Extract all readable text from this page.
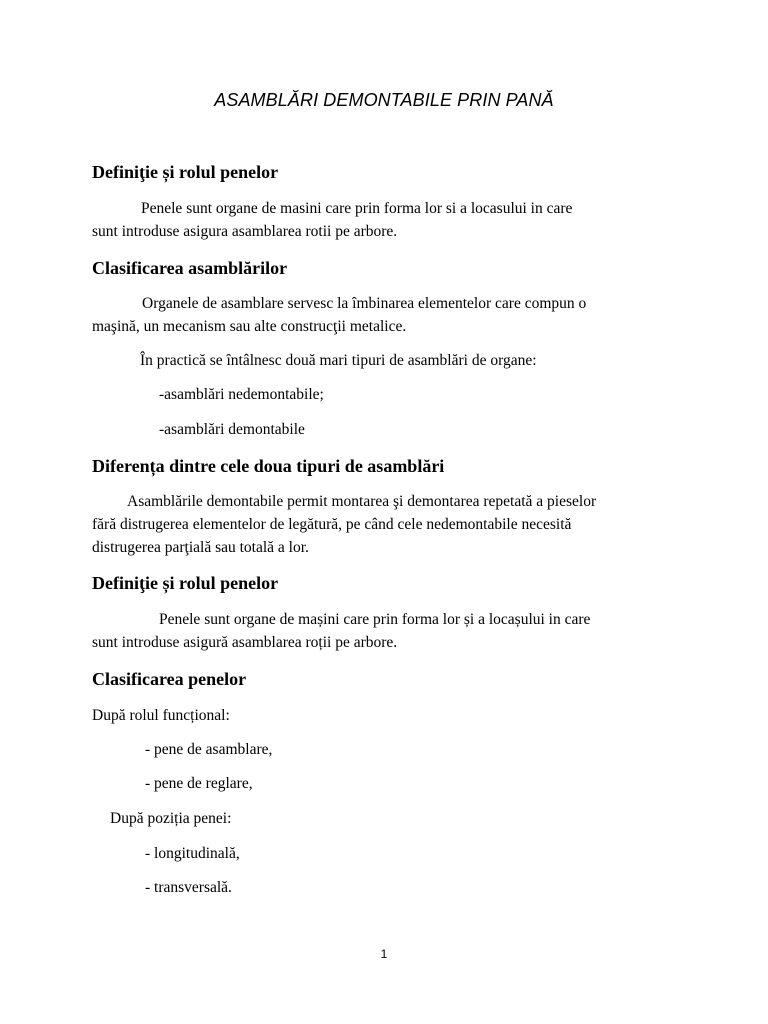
ASAMBLĂRI DEMONTABILE PRIN PANĂ
Definiţie și rolul penelor
Penele sunt organe de masini care prin forma lor si a locasului in care
sunt introduse asigura asamblarea rotii pe arbore.
Clasificarea asamblărilor
Organele de asamblare servesc la îmbinarea elementelor care compun o
maşină, un mecanism sau alte construcţii metalice.
În practică se întâlnesc două mari tipuri de asamblări de organe:
-asamblări nedemontabile;
-asamblări demontabile
Diferența dintre cele doua tipuri de asamblări
Asamblările demontabile permit montarea şi demontarea repetată a pieselor
fără distrugerea elementelor de legătură, pe când cele nedemontabile necesită
distrugerea parţială sau totală a lor.
Definiţie și rolul penelor
Penele sunt organe de mașini care prin forma lor și a locașului in care
sunt introduse asigură asamblarea roții pe arbore.
Clasificarea penelor
După rolul funcțional:
- pene de asamblare,
- pene de reglare,
După poziția penei:
- longitudinală,
- transversală.
1
